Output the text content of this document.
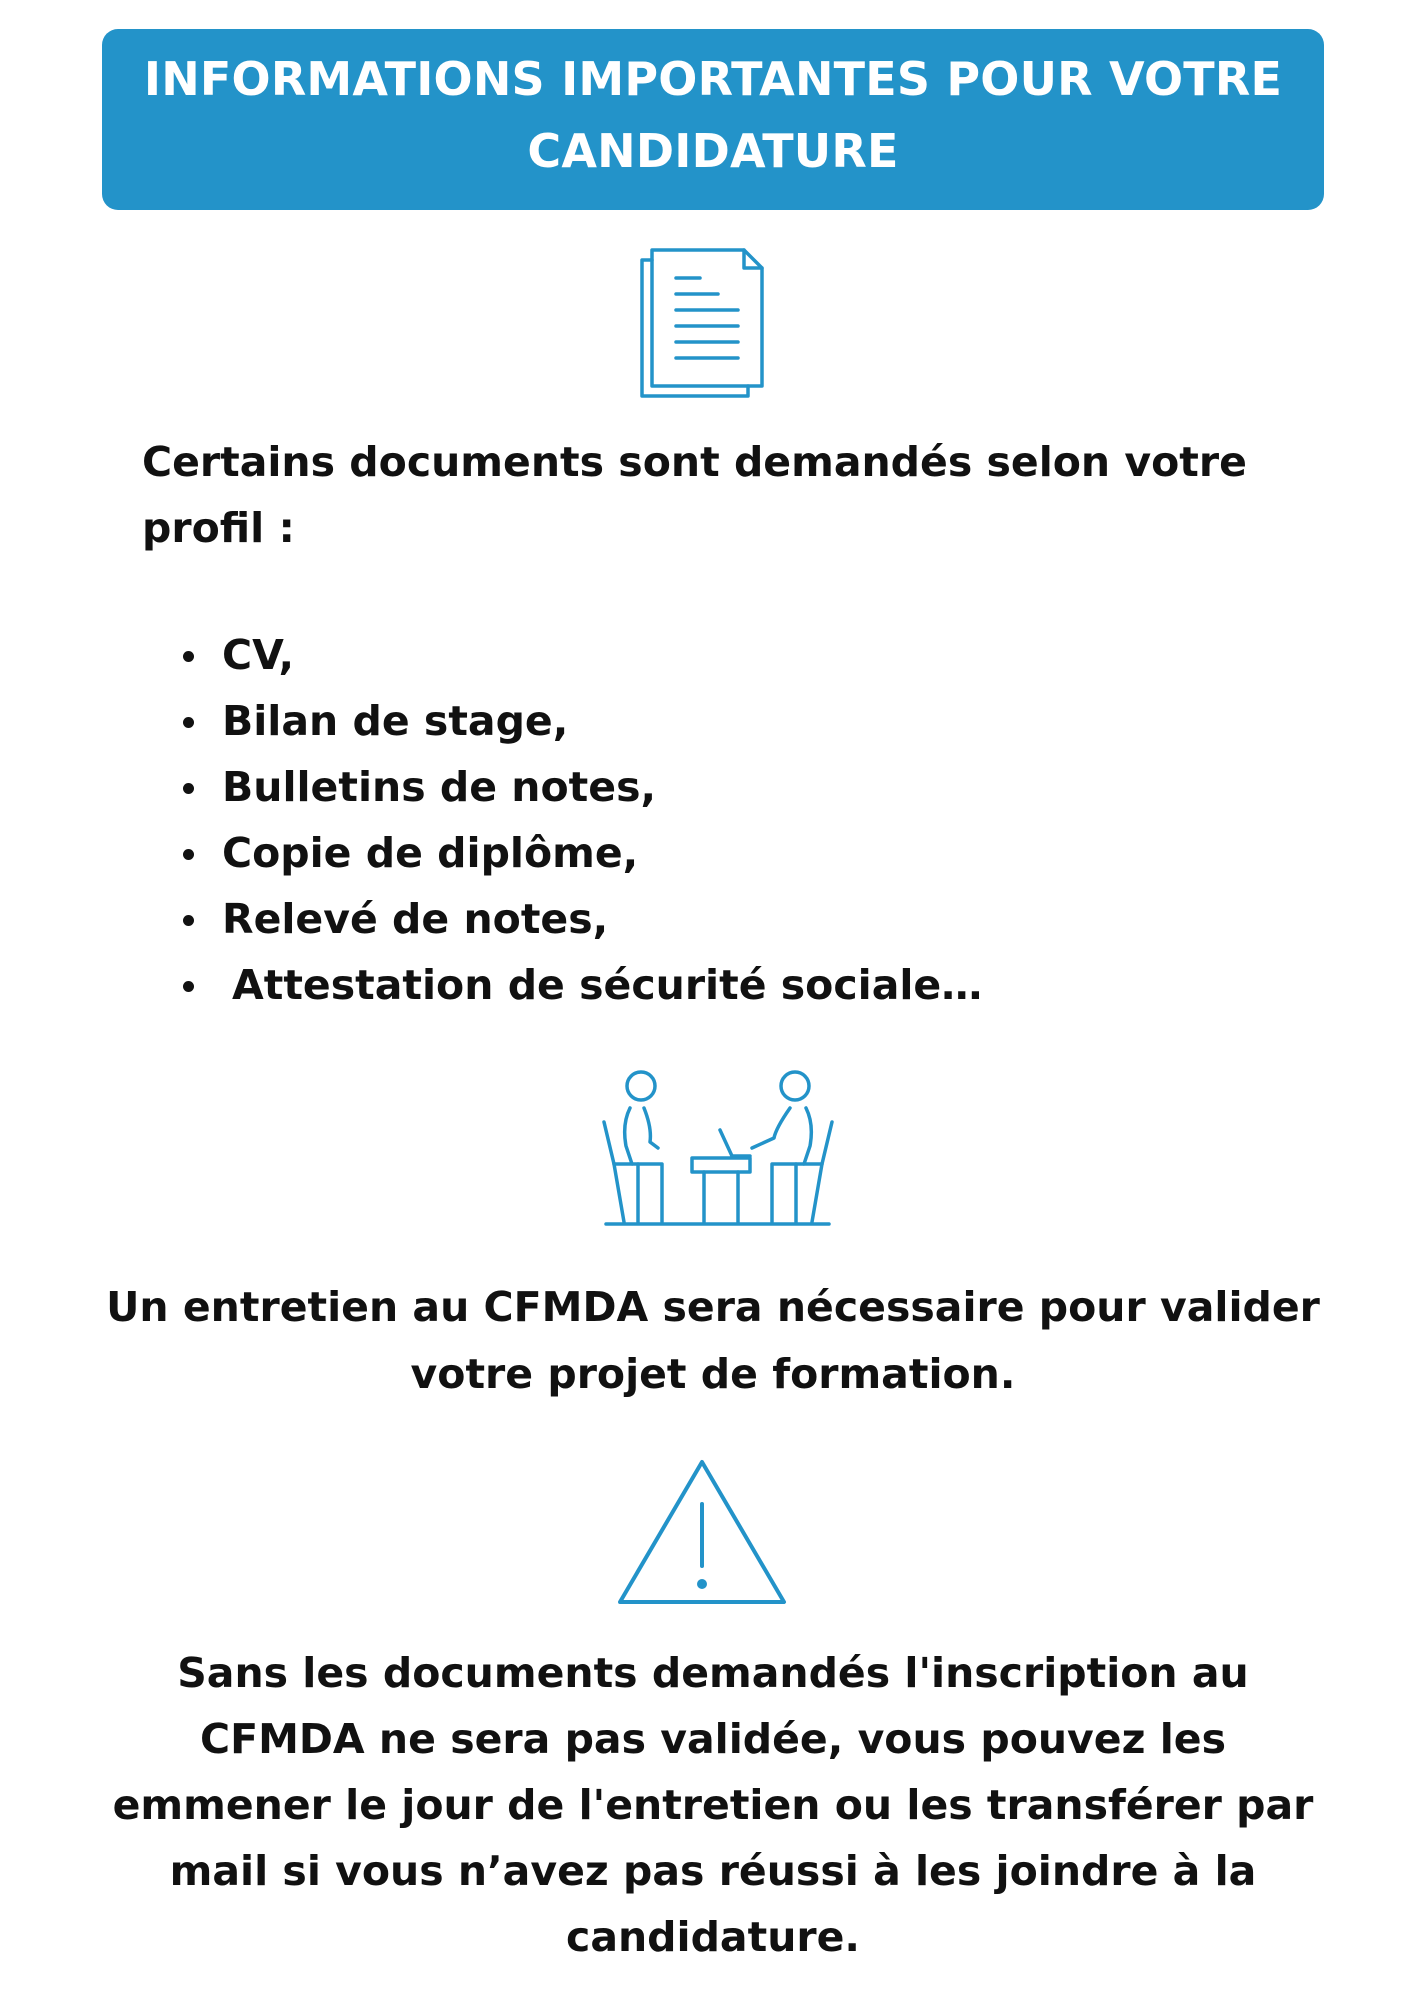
INFORMATIONS IMPORTANTES POUR VOTRE CANDIDATURE

Certains documents sont demandés selon votre profil :

CV,
Bilan de stage,
Bulletins de notes,
Copie de diplôme,
Relevé de notes,
Attestation de sécurité sociale…

Un entretien au CFMDA sera nécessaire pour valider votre projet de formation.

Sans les documents demandés l'inscription au CFMDA ne sera pas validée, vous pouvez les emmener le jour de l'entretien ou les transférer par mail si vous n’avez pas réussi à les joindre à la candidature.
